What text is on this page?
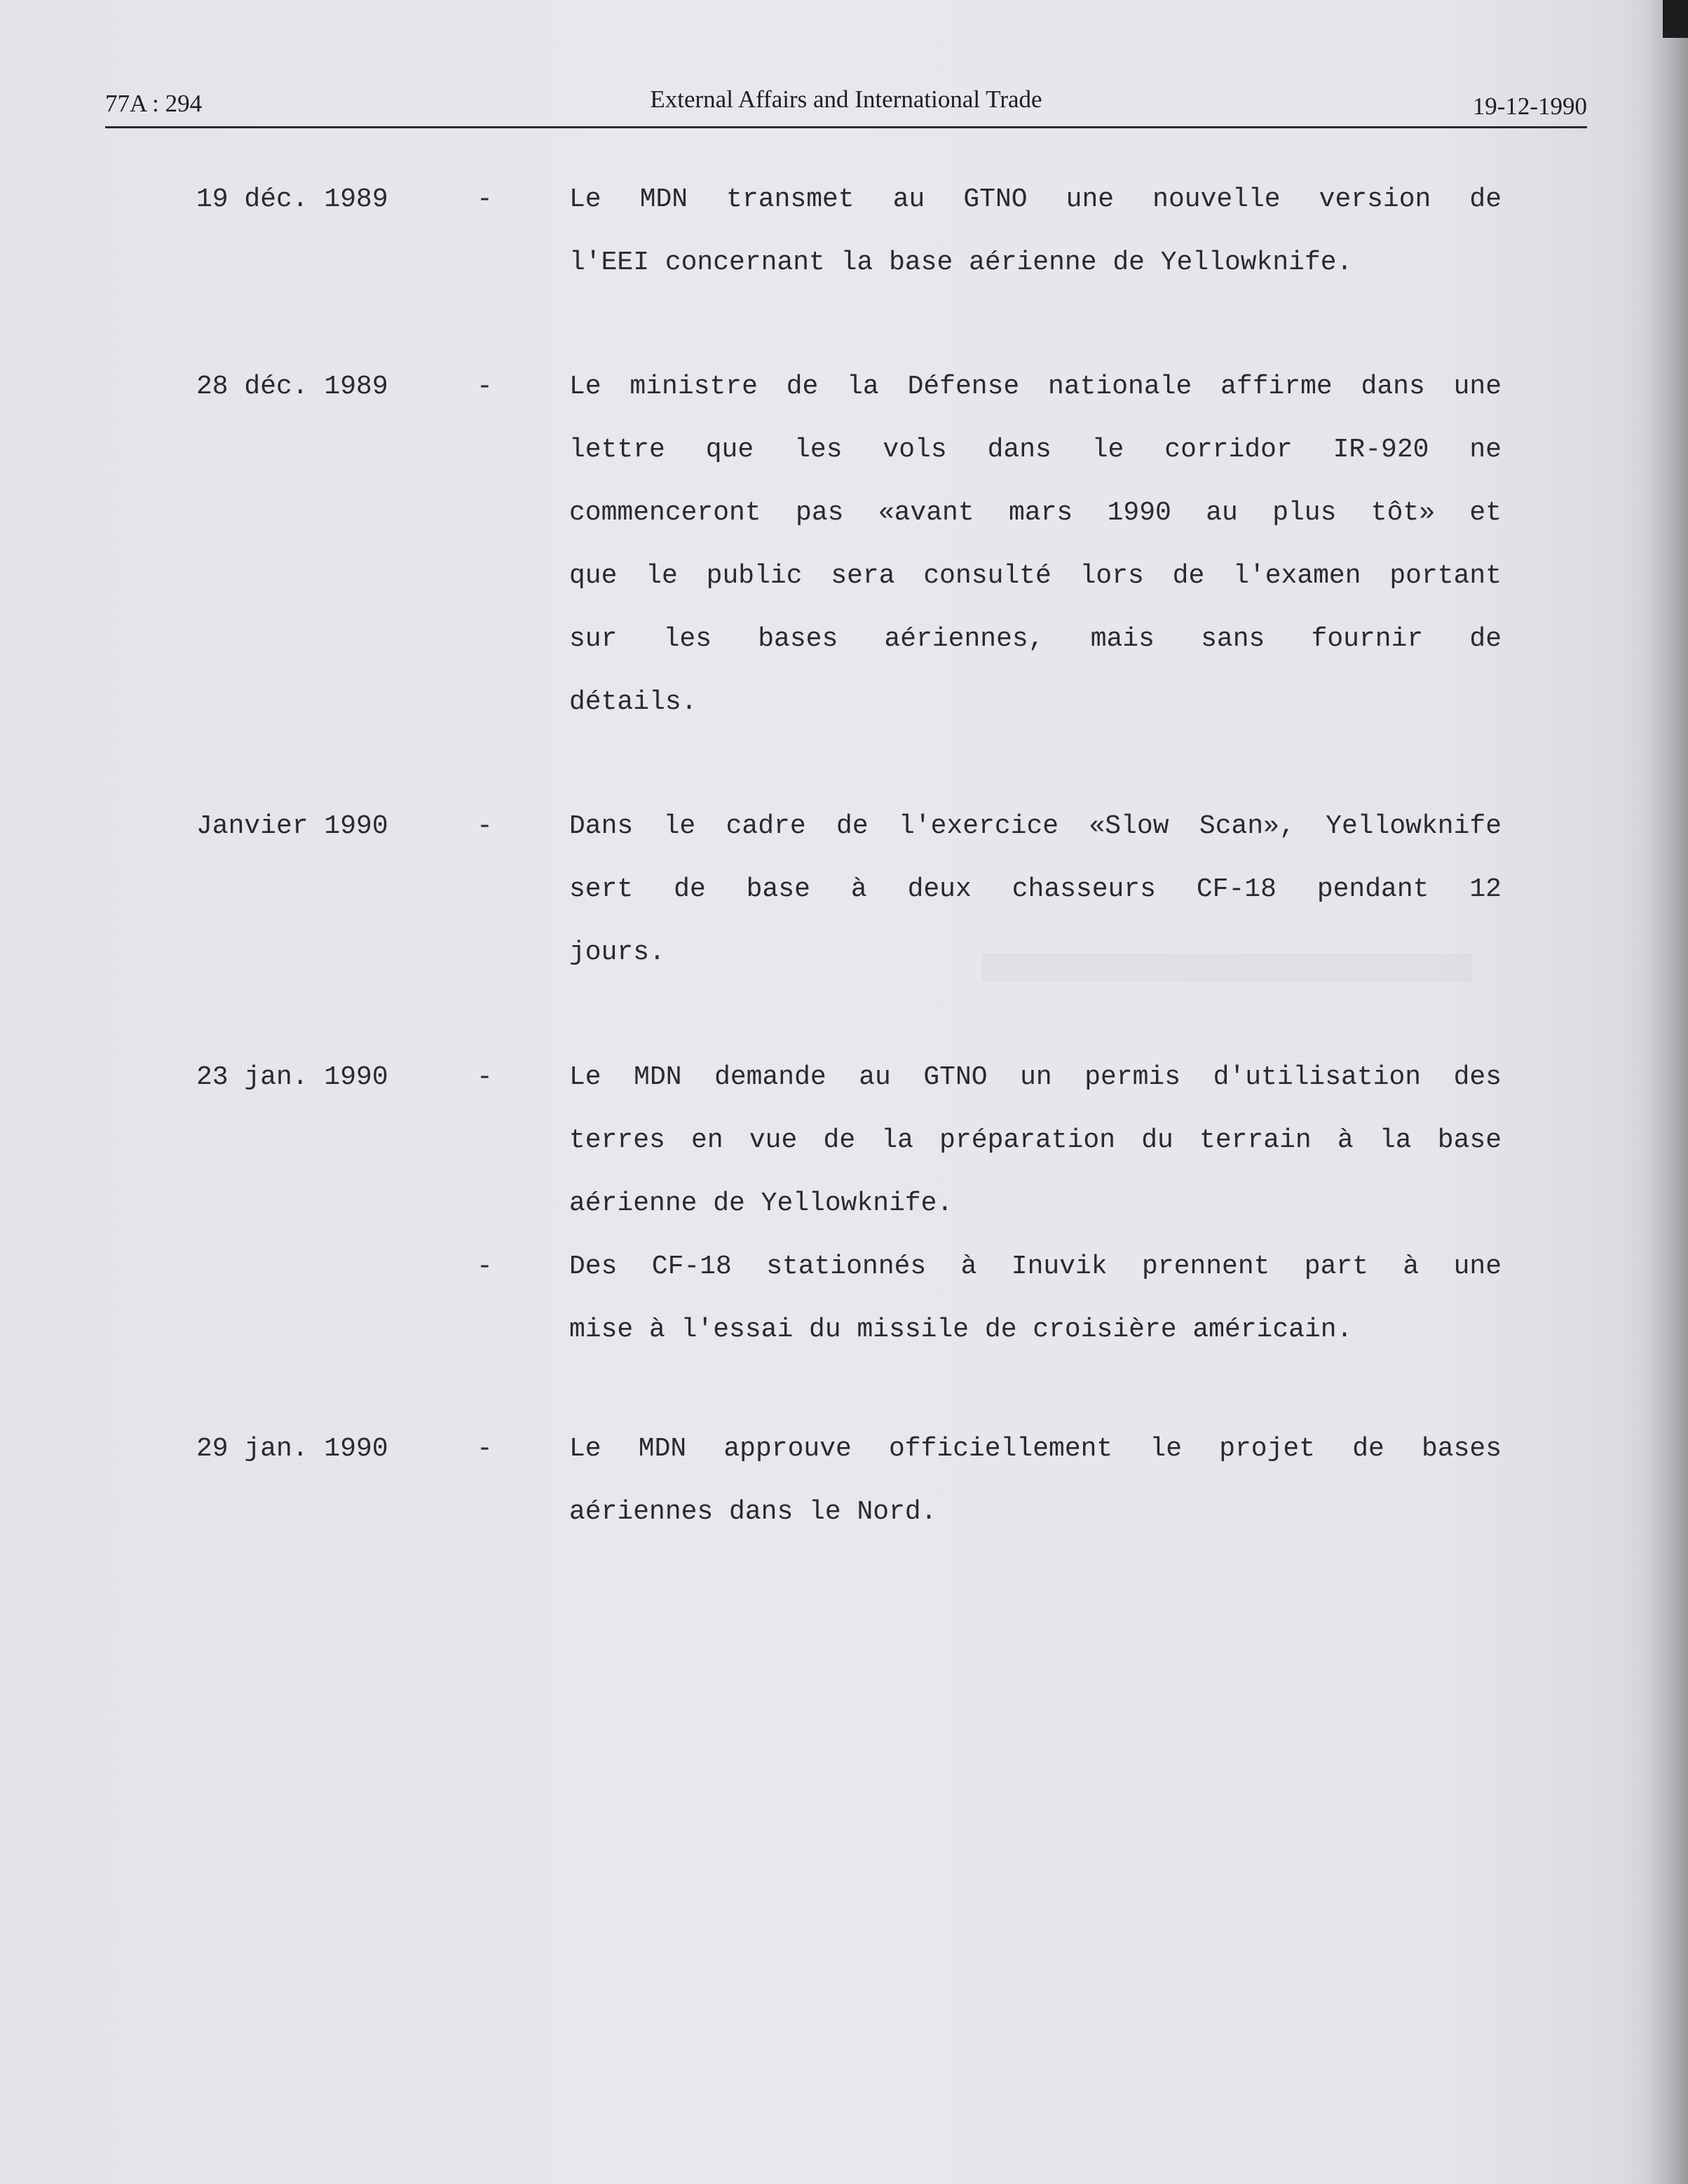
77A : 294	External Affairs and International Trade	19-12-1990
19 déc. 1989	-	Le MDN transmet au GTNO une nouvelle version de
l'EEI concernant la base aérienne de Yellowknife.
28 déc. 1989	-	Le ministre de la Défense nationale affirme dans une
lettre que les vols dans le corridor IR-920 ne
commenceront pas «avant mars 1990 au plus tôt» et
que le public sera consulté lors de l'examen portant
sur les bases aériennes, mais sans fournir de
détails.
Janvier 1990	-	Dans le cadre de l'exercice «Slow Scan», Yellowknife
sert de base à deux chasseurs CF-18 pendant 12
jours.
23 jan. 1990	-	Le MDN demande au GTNO un permis d'utilisation des
terres en vue de la préparation du terrain à la base
aérienne de Yellowknife.
-	Des CF-18 stationnés à Inuvik prennent part à une
mise à l'essai du missile de croisière américain.
29 jan. 1990	-	Le MDN approuve officiellement le projet de bases
aériennes dans le Nord.
